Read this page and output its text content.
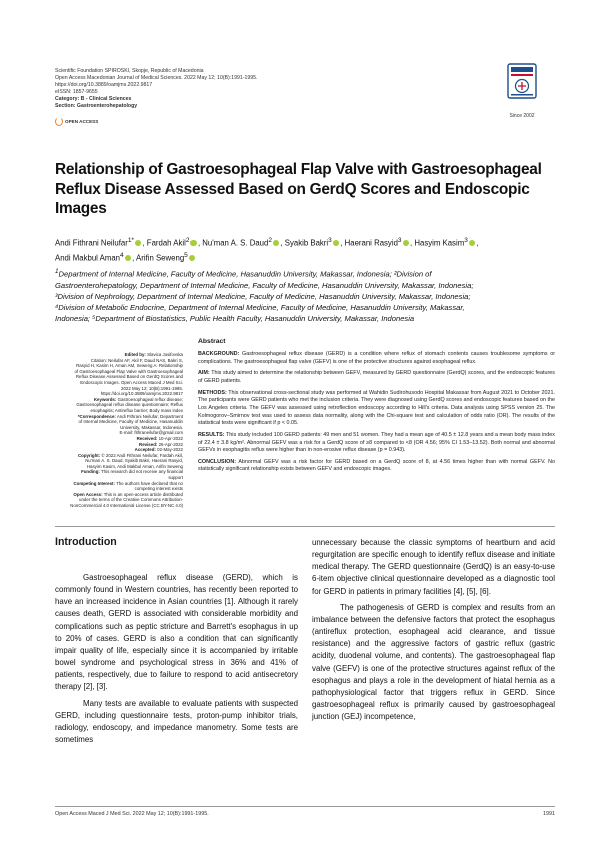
Scientific Foundation SPIROSKI, Skopje, Republic of Macedonia
Open Access Macedonian Journal of Medical Sciences. 2022 May 12; 10(B):1991-1995.
https://doi.org/10.3889/oamjms.2022.9817
eISSN: 1857-9655
Category: B - Clinical Sciences
Section: Gastroenterohepatology
OPEN ACCESS
Since 2002
Relationship of Gastroesophageal Flap Valve with Gastroesophageal
Reflux Disease Assessed Based on GerdQ Scores and Endoscopic
Images
Andi Fithrani Neilufar$^{1*}$ , Fardah Akil$^2$ , Nu'man A. S. Daud$^2$ , Syakib Bakri$^3$ , Haerani Rasyid$^3$ , Hasyim Kasim$^3$ ,
Andi Makbul Aman$^4$ , Arifin Seweng$^5$
$^1$Department of Internal Medicine, Faculty of Medicine, Hasanuddin University, Makassar, Indonesia; ²Division of
Gastroenterohepatology, Department of Internal Medicine, Faculty of Medicine, Hasanuddin University, Makassar, Indonesia;
³Division of Nephrology, Department of Internal Medicine, Faculty of Medicine, Hasanuddin University, Makassar, Indonesia;
⁴Division of Metabolic Endocrine, Department of Internal Medicine, Faculty of Medicine, Hasanuddin University, Makassar,
Indonesia; ⁵Department of Biostatistics, Public Health Faculty, Hasanuddin University, Makassar, Indonesia
Edited by: Slavica Josifovska
Citation: Neilufar AF, Akil F, Daud NAS, Bakri S,
Rasyid H, Kasim H, Aman AM, Seweng A. Relationship
of Gastroesophageal Flap Valve with Gastroesophageal
Reflux Disease Assessed Based on GerdQ Scores and
Endoscopic Images. Open Access Maced J Med Sci.
2022 May 12; 10(B):1991-1995.
https://doi.org/10.3889/oamjms.2022.9817
Keywords: Gastroesophageal reflux disease;
Gastroesophageal reflux disease questionnaire; Reflux
esophagitis; Antireflux barrier; Body mass index
*Correspondence: Andi Fithrani Neilufar, Department
of Internal Medicine, Faculty of Medicine, Hasanuddin
University, Makassar, Indonesia.
E-mail: fithraneilufar@gmail.com
Received: 10-Apr-2022
Revised: 26-Apr-2022
Accepted: 02-May-2022
Copyright: © 2022 Andi Fithrani Neilufar, Fardah Akil,
Nu'man A. S. Daud, Syakib Bakri, Haerani Rasyid,
Hasyim Kasim, Andi Makbul Aman, Arifin Seweng
Funding: This research did not receive any financial
support
Competing Interest: The authors have declared that no
competing interest exists
Open Access: This is an open-access article distributed
under the terms of the Creative Commons Attribution-
NonCommercial 4.0 International License (CC BY-NC 4.0)
Abstract

BACKGROUND: Gastroesophageal reflux disease (GERD) is a condition where reflux of stomach contents causes troublesome symptoms or complications. The gastroesophageal flap valve (GEFV) is one of the protective structures against esophageal reflux.

AIM: This study aimed to determine the relationship between GEFV, measured by GERD questionnaire (GerdQ) scores, and the endoscopic features of GERD patients.

METHODS: This observational cross-sectional study was performed at Wahidin Sudirohusodo Hospital Makassar from August 2021 to October 2021. The participants were GERD patients who met the inclusion criteria. They were diagnosed using GerdQ scores and endoscopic features based on the Los Angeles criteria. The GEFV was assessed using retroflection endoscopy according to Hill's criteria. Data analysis using SPSS version 25. The Kolmogorov–Smirnov test was used to assess data normality, along with the Chi-square test and calculation of odds ratio (OR). The results of the statistical tests were significant if p < 0.05.

RESULTS: This study included 100 GERD patients: 49 men and 51 women. They had a mean age of 40.5 ± 12.8 years and a mean body mass index of 22.4 ± 3.8 kg/m². Abnormal GEFV was a risk for a GerdQ score of ≥8 compared to <8 (OR 4.56; 95% CI 1.53–13.52). Both normal and abnormal GEFVs in esophagitis reflux were higher than in non-erosive reflux disease (p = 0.943).

CONCLUSION: Abnormal GEFV was a risk factor for GERD based on a GerdQ score of 8, at 4.56 times higher than with normal GEFV. No statistically significant relationship exists between GEFV and endoscopic images.

Introduction

Gastroesophageal reflux disease (GERD), which is commonly found in Western countries, has recently been reported to have an increased incidence in Asian countries [1]. Although it rarely causes death, GERD is associated with considerable morbidity and complications such as peptic stricture and Barrett's esophagus in up to 20% of cases. GERD is also a condition that can significantly impair quality of life, especially since it is accompanied by irritable bowel syndrome and psychological stress in 36% and 41% of patients, respectively, due to failure to respond to acid antisecretory therapy [2], [3].

Many tests are available to evaluate patients with suspected GERD, including questionnaire tests, proton-pump inhibitor trials, radiology, endoscopy, and impedance manometry. Some tests are sometimes

unnecessary because the classic symptoms of heartburn and acid regurgitation are specific enough to identify reflux disease and initiate medical therapy. The GERD questionnaire (GerdQ) is an easy-to-use 6-item objective clinical questionnaire developed as a diagnostic tool for GERD in patients in primary facilities [4], [5], [6].

The pathogenesis of GERD is complex and results from an imbalance between the defensive factors that protect the esophagus (antireflux protection, esophageal acid clearance, and tissue resistance) and the aggressive factors of gastric reflux (gastric acidity, duodenal volume, and contents). The gastroesophageal flap valve (GEFV) is one of the protective structures against reflux of the esophagus and plays a role in the development of hiatal hernia as a pathophysiological factor that triggers reflux in GERD. Since gastroesophageal reflux is primarily caused by gastroesophageal junction (GEJ) incompetence,

Open Access Maced J Med Sci. 2022 May 12; 10(B):1991-1995.	1991
